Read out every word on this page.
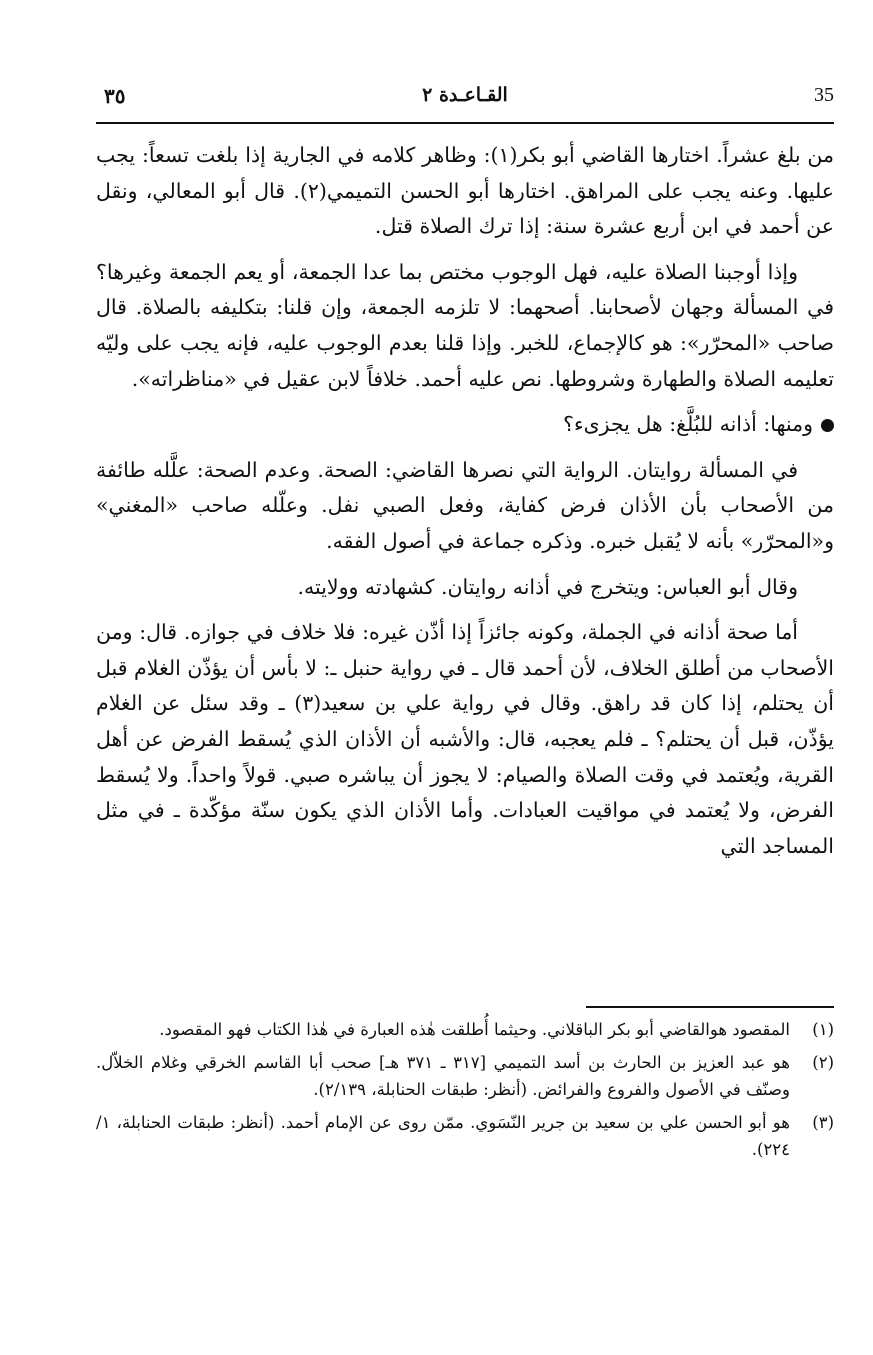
35
القـاعـدة ٢
٣٥

من بلغ عشراً. اختارها القاضي أبو بكر(١): وظاهر كلامه في الجارية إذا بلغت تسعاً: يجب عليها. وعنه يجب على المراهق. اختارها أبو الحسن التميمي(٢). قال أبو المعالي، ونقل عن أحمد في ابن أربع عشرة سنة: إذا ترك الصلاة قتل.

وإذا أوجبنا الصلاة عليه، فهل الوجوب مختص بما عدا الجمعة، أو يعم الجمعة وغيرها؟ في المسألة وجهان لأصحابنا. أصحهما: لا تلزمه الجمعة، وإن قلنا: بتكليفه بالصلاة. قال صاحب «المحرّر»: هو كالإجماع، للخبر. وإذا قلنا بعدم الوجوب عليه، فإنه يجب على وليّه تعليمه الصلاة والطهارة وشروطها. نص عليه أحمد. خلافاً لابن عقيل في «مناظراته».

ومنها: أذانه للبُلَّغ: هل يجزىء؟

في المسألة روايتان. الرواية التي نصرها القاضي: الصحة. وعدم الصحة: علَّله طائفة من الأصحاب بأن الأذان فرض كفاية، وفعل الصبي نفل. وعلّله صاحب «المغني» و«المحرّر» بأنه لا يُقبل خبره. وذكره جماعة في أصول الفقه.

وقال أبو العباس: ويتخرج في أذانه روايتان. كشهادته وولايته.

أما صحة أذانه في الجملة، وكونه جائزاً إذا أذّن غيره: فلا خلاف في جوازه. قال: ومن الأصحاب من أطلق الخلاف، لأن أحمد قال ـ في رواية حنبل ـ: لا بأس أن يؤذّن الغلام قبل أن يحتلم، إذا كان قد راهق. وقال في رواية علي بن سعيد(٣) ـ وقد سئل عن الغلام يؤذّن، قبل أن يحتلم؟ ـ فلم يعجبه، قال: والأشبه أن الأذان الذي يُسقط الفرض عن أهل القرية، ويُعتمد في وقت الصلاة والصيام: لا يجوز أن يباشره صبي. قولاً واحداً. ولا يُسقط الفرض، ولا يُعتمد في مواقيت العبادات. وأما الأذان الذي يكون سنّة مؤكّدة ـ في مثل المساجد التي

(١)
المقصود هوالقاضي أبو بكر الباقلاني. وحيثما أُطلقت هٰذه العبارة في هٰذا الكتاب فهو المقصود.
(٢)
هو عبد العزيز بن الحارث بن أسد التميمي [٣١٧ ـ ٣٧١ هـ] صحب أبا القاسم الخرقي وغلام الخلاّل. وصنّف في الأصول والفروع والفرائض. (أنظر: طبقات الحنابلة، ٢/١٣٩).
(٣)
هو أبو الحسن علي بن سعيد بن جرير النّسَوي. ممّن روى عن الإمام أحمد. (أنظر: طبقات الحنابلة، ١/ ٢٢٤).
